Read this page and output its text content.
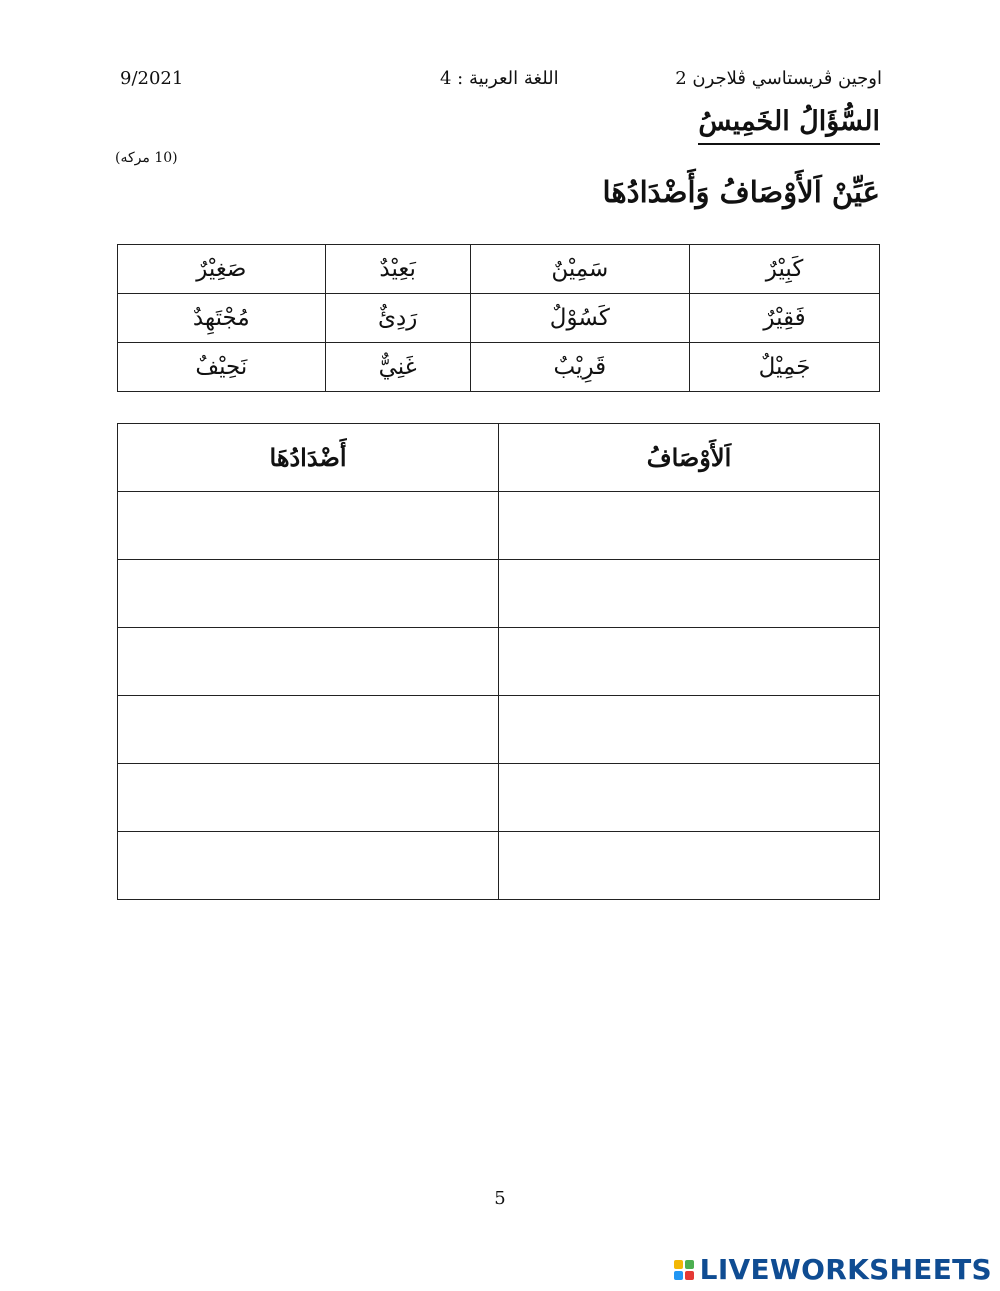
اوجين ڤريستاسي ڤلاجرن 2
اللغة العربية : 4
9/2021
السُّؤَالُ الخَمِيسُ
(10 مركه)
عَيِّنْ اَلأَوْصَافُ وَأَضْدَادُهَا
كَبِيْرٌ	سَمِيْنٌ	بَعِيْدٌ	صَغِيْرٌ
فَقِيْرٌ	كَسُوْلٌ	رَدِئٌ	مُجْتَهِدٌ
جَمِيْلٌ	قَرِيْبٌ	غَنِيٌّ	نَحِيْفٌ
اَلأَوْصَافُ	أَضْدَادُهَا

5
LIVEWORKSHEETS
